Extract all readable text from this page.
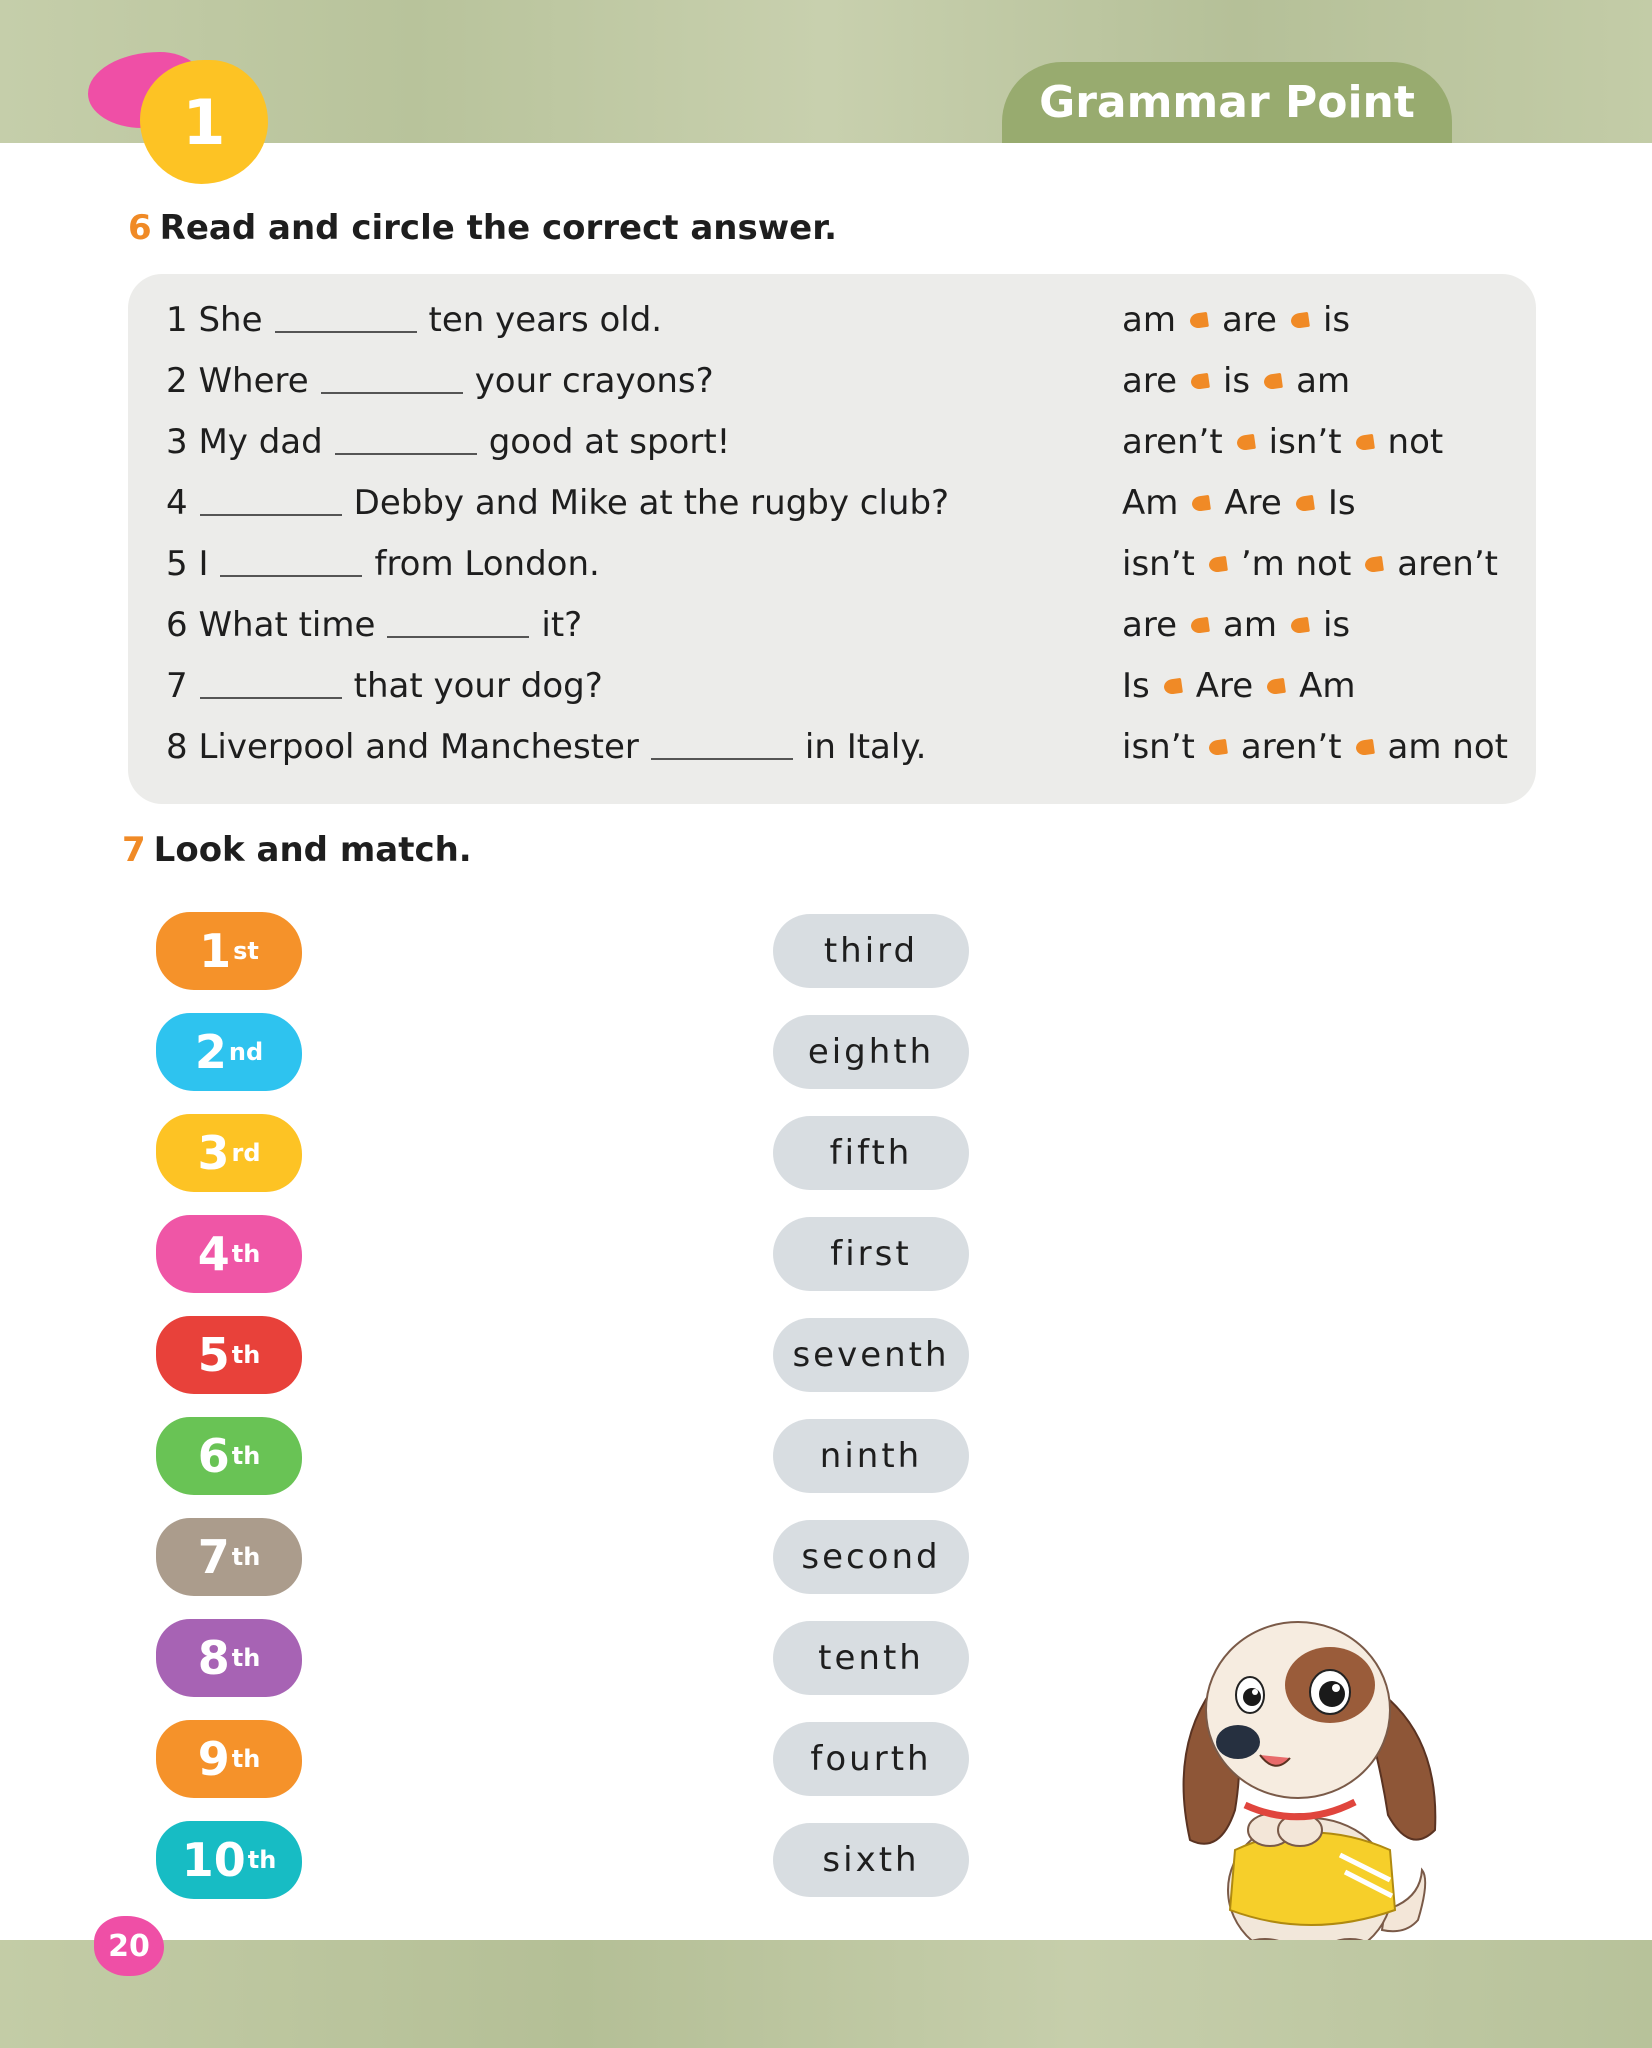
1	Grammar Point
6 Read and circle the correct answer.
1 She	ten years old.	am are is
2 Where	your crayons?	are is am
3 My dad	good at sport!	aren’t isn’t not
4	Debby and Mike at the rugby club?	Am Are Is
5 I	from London.	isn’t ’m not aren’t
6 What time	it?	are am is
7	that your dog?	Is Are Am
8 Liverpool and Manchester	in Italy.	isn’t aren’t am not
7 Look and match.
1 st
2 nd
3 rd
4 th
5 th
6 th
7 th
8 th
9 th
10 th
third
eighth
fifth
first
seventh
ninth
second
tenth
fourth
sixth
20
